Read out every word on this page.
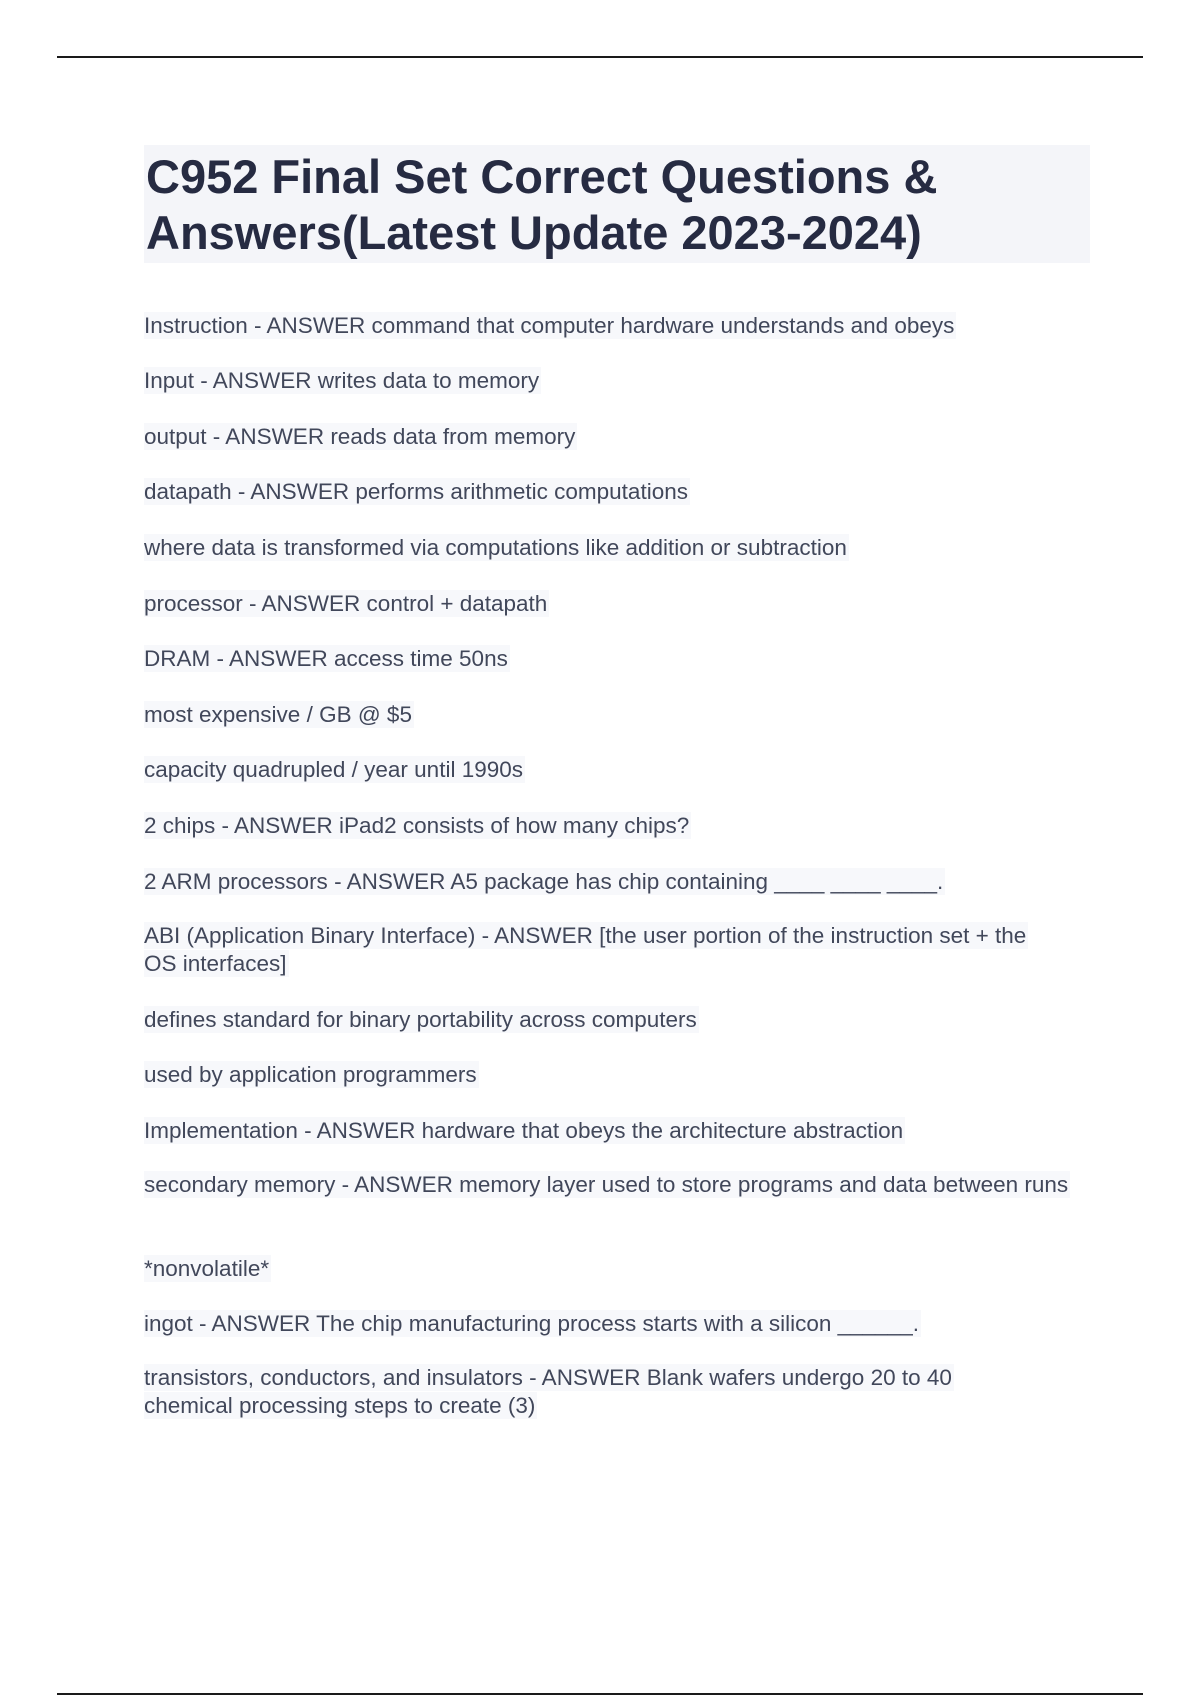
C952 Final Set Correct Questions & Answers(Latest Update 2023-2024)
Instruction - ANSWER command that computer hardware understands and obeys
Input - ANSWER writes data to memory
output - ANSWER reads data from memory
datapath - ANSWER performs arithmetic computations
where data is transformed via computations like addition or subtraction
processor - ANSWER control + datapath
DRAM - ANSWER access time 50ns
most expensive / GB @ $5
capacity quadrupled / year until 1990s
2 chips - ANSWER iPad2 consists of how many chips?
2 ARM processors - ANSWER A5 package has chip containing ____ ____ ____.
ABI (Application Binary Interface) - ANSWER [the user portion of the instruction set + the OS interfaces]
defines standard for binary portability across computers
used by application programmers
Implementation - ANSWER hardware that obeys the architecture abstraction
secondary memory - ANSWER memory layer used to store programs and data between runs
*nonvolatile*
ingot - ANSWER The chip manufacturing process starts with a silicon ______.
transistors, conductors, and insulators - ANSWER Blank wafers undergo 20 to 40 chemical processing steps to create (3)
